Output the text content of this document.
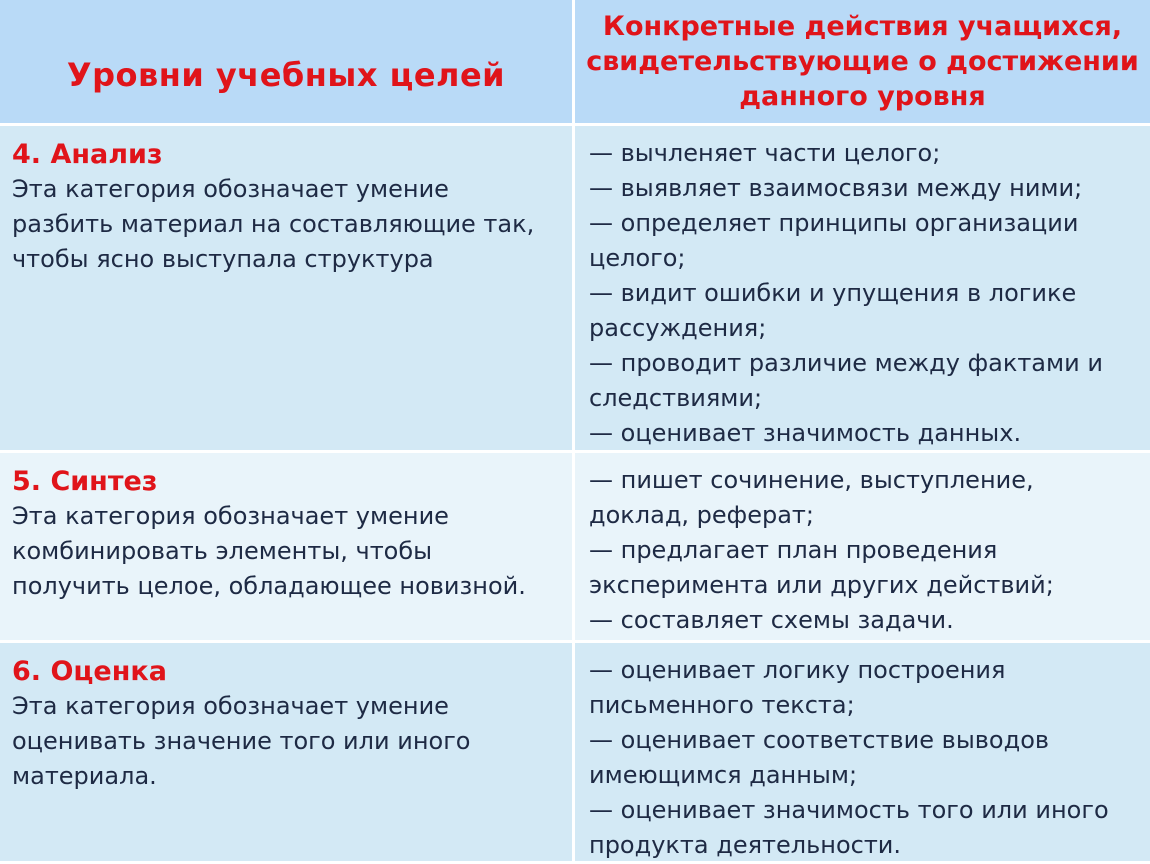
Уровни учебных целей
Конкретные действия учащихся,
свидетельствующие о достижении
данного уровня
4. Анализ
Эта категория обозначает умение
разбить материал на составляющие так,
чтобы ясно выступала структура
— вычленяет части целого;
— выявляет взаимосвязи между ними;
— определяет принципы организации
целого;
— видит ошибки и упущения в логике
рассуждения;
— проводит различие между фактами и
следствиями;
— оценивает значимость данных.
5. Синтез
Эта категория обозначает умение
комбинировать элементы, чтобы
получить целое, обладающее новизной.
— пишет сочинение, выступление,
доклад, реферат;
— предлагает план проведения
эксперимента или других действий;
— составляет схемы задачи.
6. Оценка
Эта категория обозначает умение
оценивать значение того или иного
материала.
— оценивает логику построения
письменного текста;
— оценивает соответствие выводов
имеющимся данным;
— оценивает значимость того или иного
продукта деятельности.
